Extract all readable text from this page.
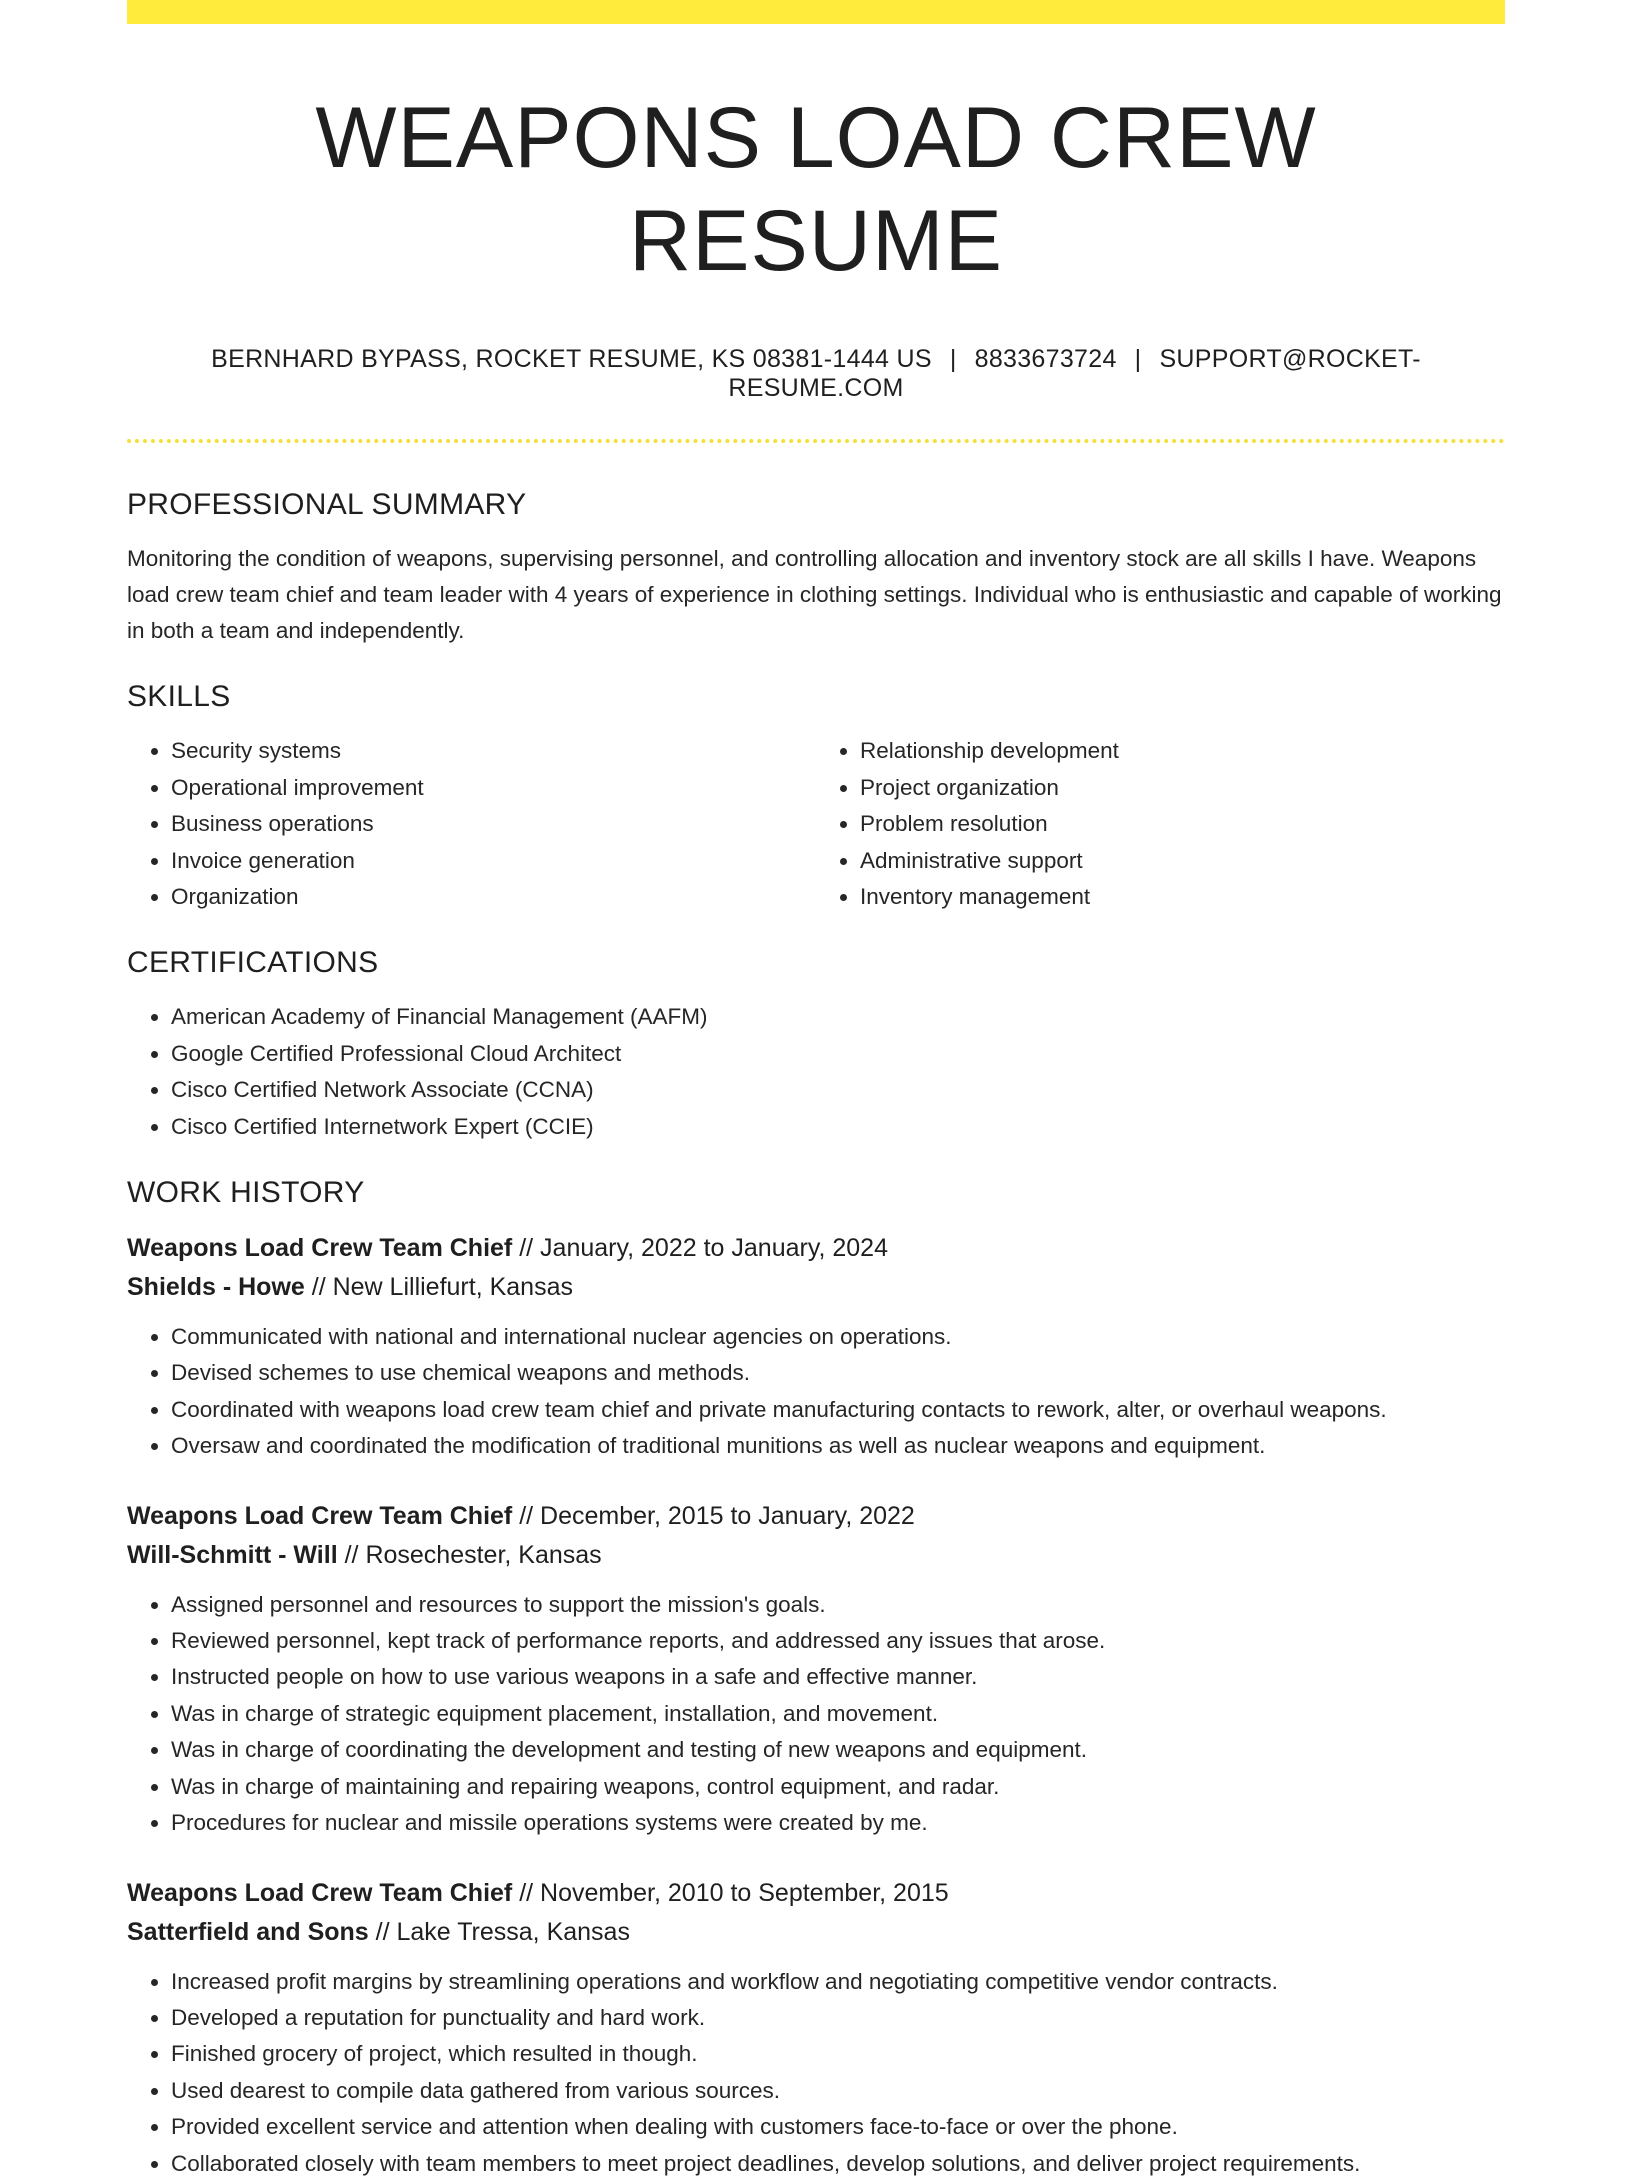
WEAPONS LOAD CREW RESUME
BERNHARD BYPASS, ROCKET RESUME, KS 08381-1444 US | 8833673724 | SUPPORT@ROCKET-RESUME.COM
PROFESSIONAL SUMMARY

Monitoring the condition of weapons, supervising personnel, and controlling allocation and inventory stock are all skills I have. Weapons load crew team chief and team leader with 4 years of experience in clothing settings. Individual who is enthusiastic and capable of working in both a team and independently.

SKILLS
• Security systems
• Operational improvement
• Business operations
• Invoice generation
• Organization
• Relationship development
• Project organization
• Problem resolution
• Administrative support
• Inventory management
CERTIFICATIONS
• American Academy of Financial Management (AAFM)
• Google Certified Professional Cloud Architect
• Cisco Certified Network Associate (CCNA)
• Cisco Certified Internetwork Expert (CCIE)
WORK HISTORY
Weapons Load Crew Team Chief // January, 2022 to January, 2024
Shields - Howe // New Lilliefurt, Kansas
• Communicated with national and international nuclear agencies on operations.
• Devised schemes to use chemical weapons and methods.
• Coordinated with weapons load crew team chief and private manufacturing contacts to rework, alter, or overhaul weapons.
• Oversaw and coordinated the modification of traditional munitions as well as nuclear weapons and equipment.
Weapons Load Crew Team Chief // December, 2015 to January, 2022
Will-Schmitt - Will // Rosechester, Kansas
• Assigned personnel and resources to support the mission's goals.
• Reviewed personnel, kept track of performance reports, and addressed any issues that arose.
• Instructed people on how to use various weapons in a safe and effective manner.
• Was in charge of strategic equipment placement, installation, and movement.
• Was in charge of coordinating the development and testing of new weapons and equipment.
• Was in charge of maintaining and repairing weapons, control equipment, and radar.
• Procedures for nuclear and missile operations systems were created by me.
Weapons Load Crew Team Chief // November, 2010 to September, 2015
Satterfield and Sons // Lake Tressa, Kansas
• Increased profit margins by streamlining operations and workflow and negotiating competitive vendor contracts.
• Developed a reputation for punctuality and hard work.
• Finished grocery of project, which resulted in though.
• Used dearest to compile data gathered from various sources.
• Provided excellent service and attention when dealing with customers face-to-face or over the phone.
• Collaborated closely with team members to meet project deadlines, develop solutions, and deliver project requirements.
